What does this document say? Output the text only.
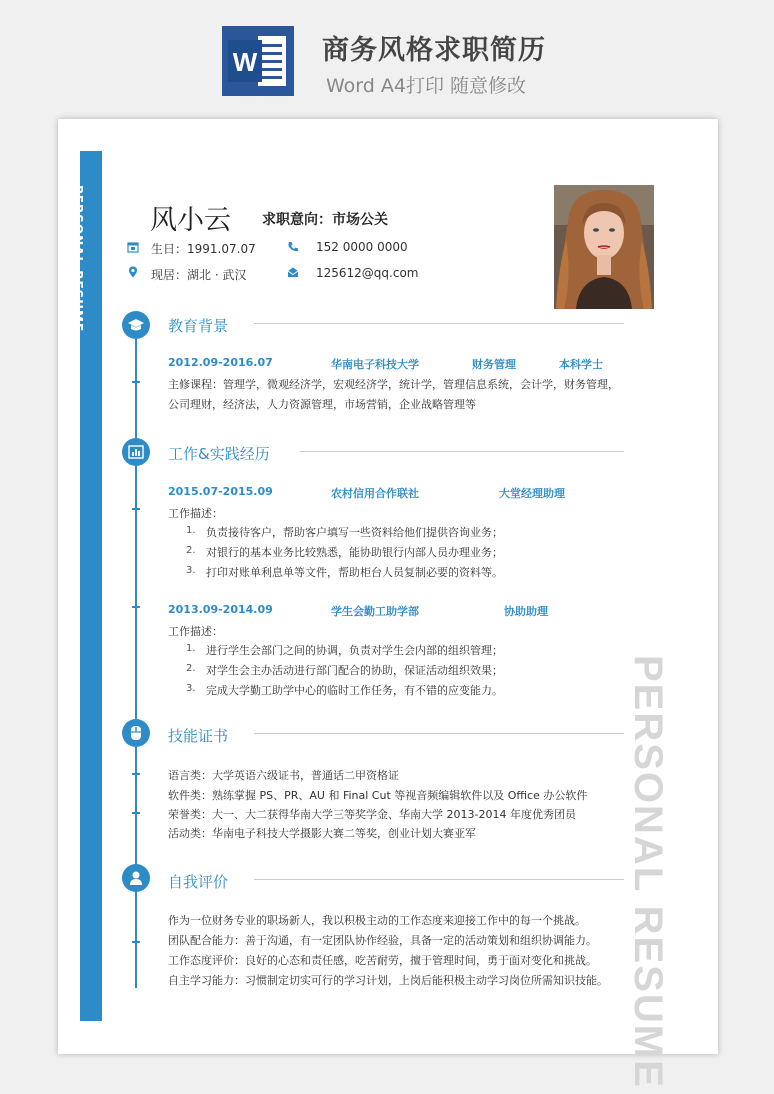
W 商务风格求职简历
Word A4打印 随意修改
PERSONAL RESUME
PERSONAL RESUME
风小云 求职意向：市场公关
生日：1991.07.07	152 0000 0000
现居：湖北 · 武汉	125612@qq.com
教育背景
2012.09-2016.07	华南电子科技大学	财务管理	本科学士
主修课程：管理学，微观经济学，宏观经济学，统计学，管理信息系统，会计学，财务管理，
公司理财，经济法，人力资源管理，市场营销，企业战略管理等
工作&实践经历
2015.07-2015.09	农村信用合作联社	大堂经理助理
工作描述：
1. 负责接待客户，帮助客户填写一些资料给他们提供咨询业务；
2. 对银行的基本业务比较熟悉，能协助银行内部人员办理业务；
3. 打印对账单利息单等文件，帮助柜台人员复制必要的资料等。
2013.09-2014.09	学生会勤工助学部	协助助理
工作描述：
1. 进行学生会部门之间的协调，负责对学生会内部的组织管理；
2. 对学生会主办活动进行部门配合的协助，保证活动组织效果；
3. 完成大学勤工助学中心的临时工作任务，有不错的应变能力。
技能证书
语言类：大学英语六级证书，普通话二甲资格证
软件类：熟练掌握 PS、PR、AU 和 Final Cut 等视音频编辑软件以及 Office 办公软件
荣誉类：大一、大二获得华南大学三等奖学金、华南大学 2013-2014 年度优秀团员
活动类：华南电子科技大学摄影大赛二等奖，创业计划大赛亚军
自我评价
作为一位财务专业的职场新人，我以积极主动的工作态度来迎接工作中的每一个挑战。
团队配合能力：善于沟通，有一定团队协作经验，具备一定的活动策划和组织协调能力。
工作态度评价：良好的心态和责任感，吃苦耐劳，擅于管理时间，勇于面对变化和挑战。
自主学习能力：习惯制定切实可行的学习计划，上岗后能积极主动学习岗位所需知识技能。
